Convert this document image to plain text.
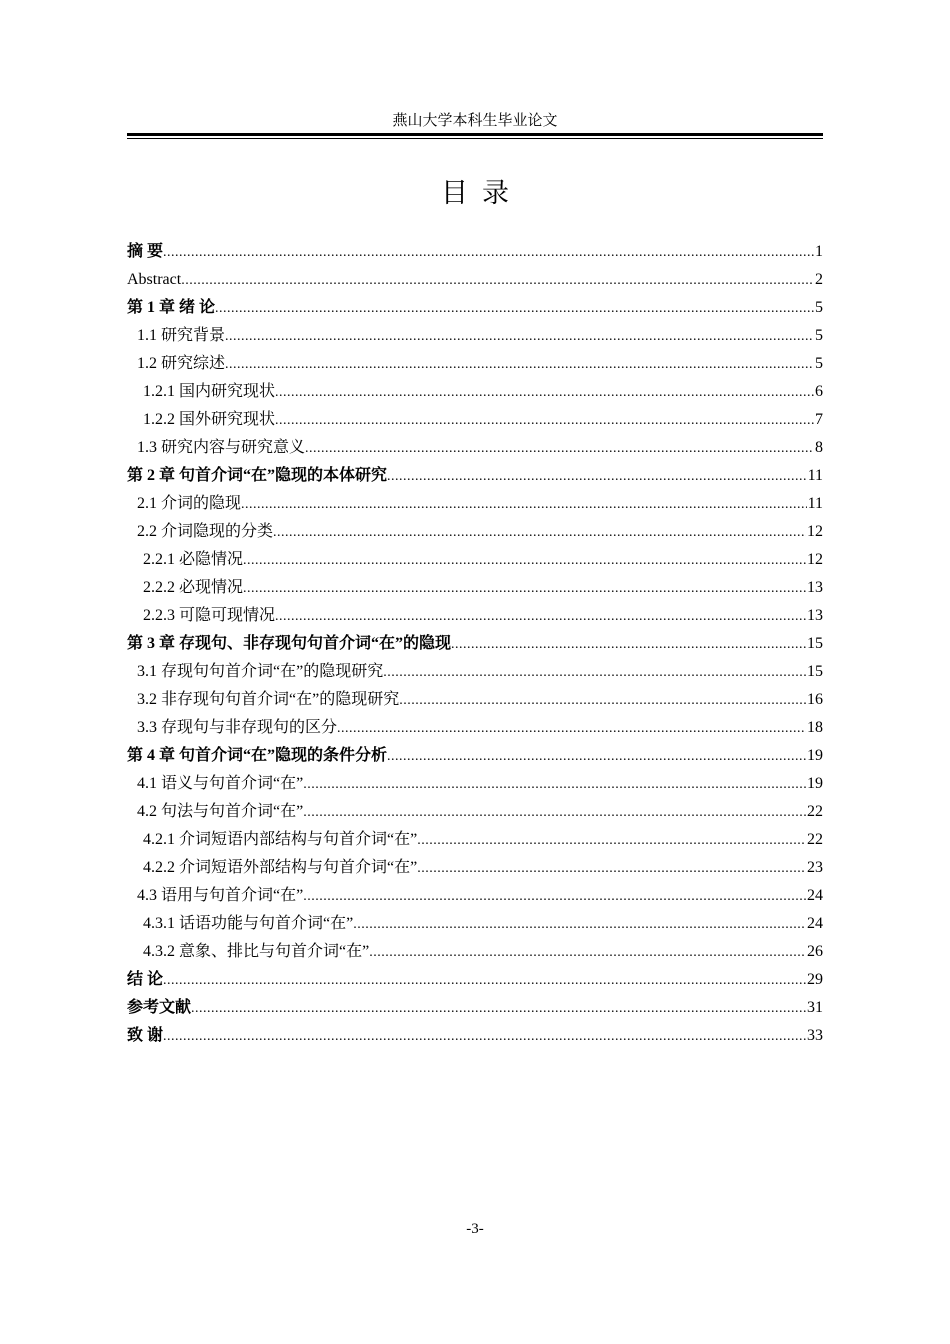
燕山大学本科生毕业论文
目录
摘 要 .....	1
Abstract .....	2
第 1 章 绪 论 .....	5
1.1 研究背景 .....	5
1.2 研究综述 .....	5
1.2.1 国内研究现状 .....	6
1.2.2 国外研究现状 .....	7
1.3 研究内容与研究意义 .....	8
第 2 章 句首介词“在”隐现的本体研究 .....	11
2.1 介词的隐现 .....	11
2.2 介词隐现的分类 .....	12
2.2.1 必隐情况 .....	12
2.2.2 必现情况 .....	13
2.2.3 可隐可现情况 .....	13
第 3 章 存现句、非存现句句首介词“在”的隐现 .....	15
3.1 存现句句首介词“在”的隐现研究 .....	15
3.2 非存现句句首介词“在”的隐现研究 .....	16
3.3 存现句与非存现句的区分 .....	18
第 4 章 句首介词“在”隐现的条件分析 .....	19
4.1 语义与句首介词“在” .....	19
4.2 句法与句首介词“在” .....	22
4.2.1 介词短语内部结构与句首介词“在” .....	22
4.2.2 介词短语外部结构与句首介词“在” .....	23
4.3 语用与句首介词“在” .....	24
4.3.1 话语功能与句首介词“在” .....	24
4.3.2 意象、排比与句首介词“在” .....	26
结 论 .....	29
参考文献 .....	31
致 谢 .....	33
-3-
